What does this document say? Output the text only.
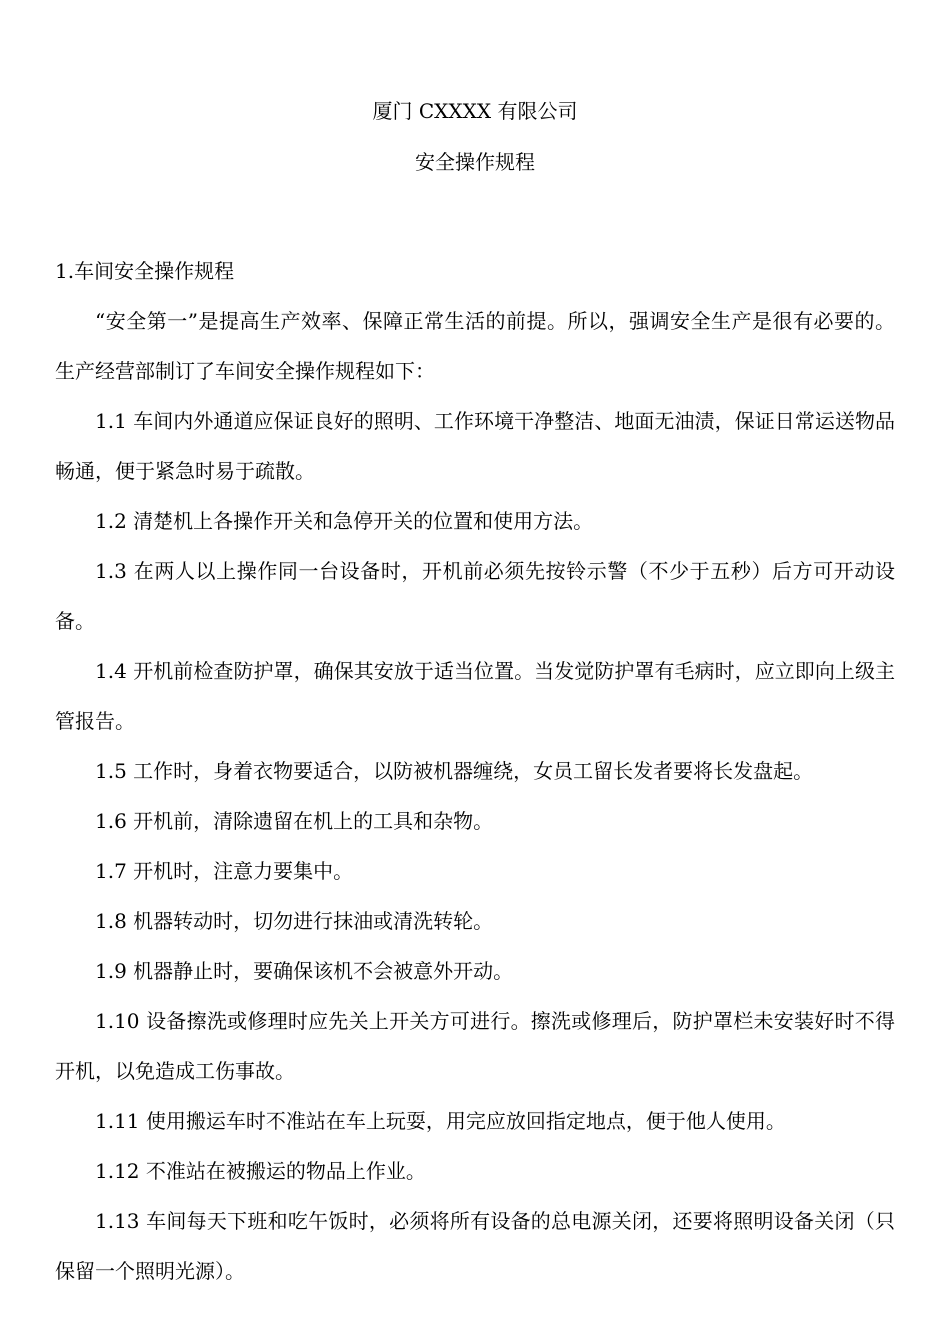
厦门 CXXXX 有限公司
安全操作规程

1.车间安全操作规程

“安全第一”是提高生产效率、保障正常生活的前提。所以，强调安全生产是很有必要的。生产经营部制订了车间安全操作规程如下：

1.1 车间内外通道应保证良好的照明、工作环境干净整洁、地面无油渍，保证日常运送物品畅通，便于紧急时易于疏散。

1.2 清楚机上各操作开关和急停开关的位置和使用方法。

1.3 在两人以上操作同一台设备时，开机前必须先按铃示警（不少于五秒）后方可开动设备。

1.4 开机前检查防护罩，确保其安放于适当位置。当发觉防护罩有毛病时，应立即向上级主管报告。

1.5 工作时，身着衣物要适合，以防被机器缠绕，女员工留长发者要将长发盘起。

1.6 开机前，清除遗留在机上的工具和杂物。

1.7 开机时，注意力要集中。

1.8 机器转动时，切勿进行抹油或清洗转轮。

1.9 机器静止时，要确保该机不会被意外开动。

1.10 设备擦洗或修理时应先关上开关方可进行。擦洗或修理后，防护罩栏未安装好时不得开机，以免造成工伤事故。

1.11 使用搬运车时不准站在车上玩耍，用完应放回指定地点，便于他人使用。

1.12 不准站在被搬运的物品上作业。

1.13 车间每天下班和吃午饭时，必须将所有设备的总电源关闭，还要将照明设备关闭（只保留一个照明光源）。
